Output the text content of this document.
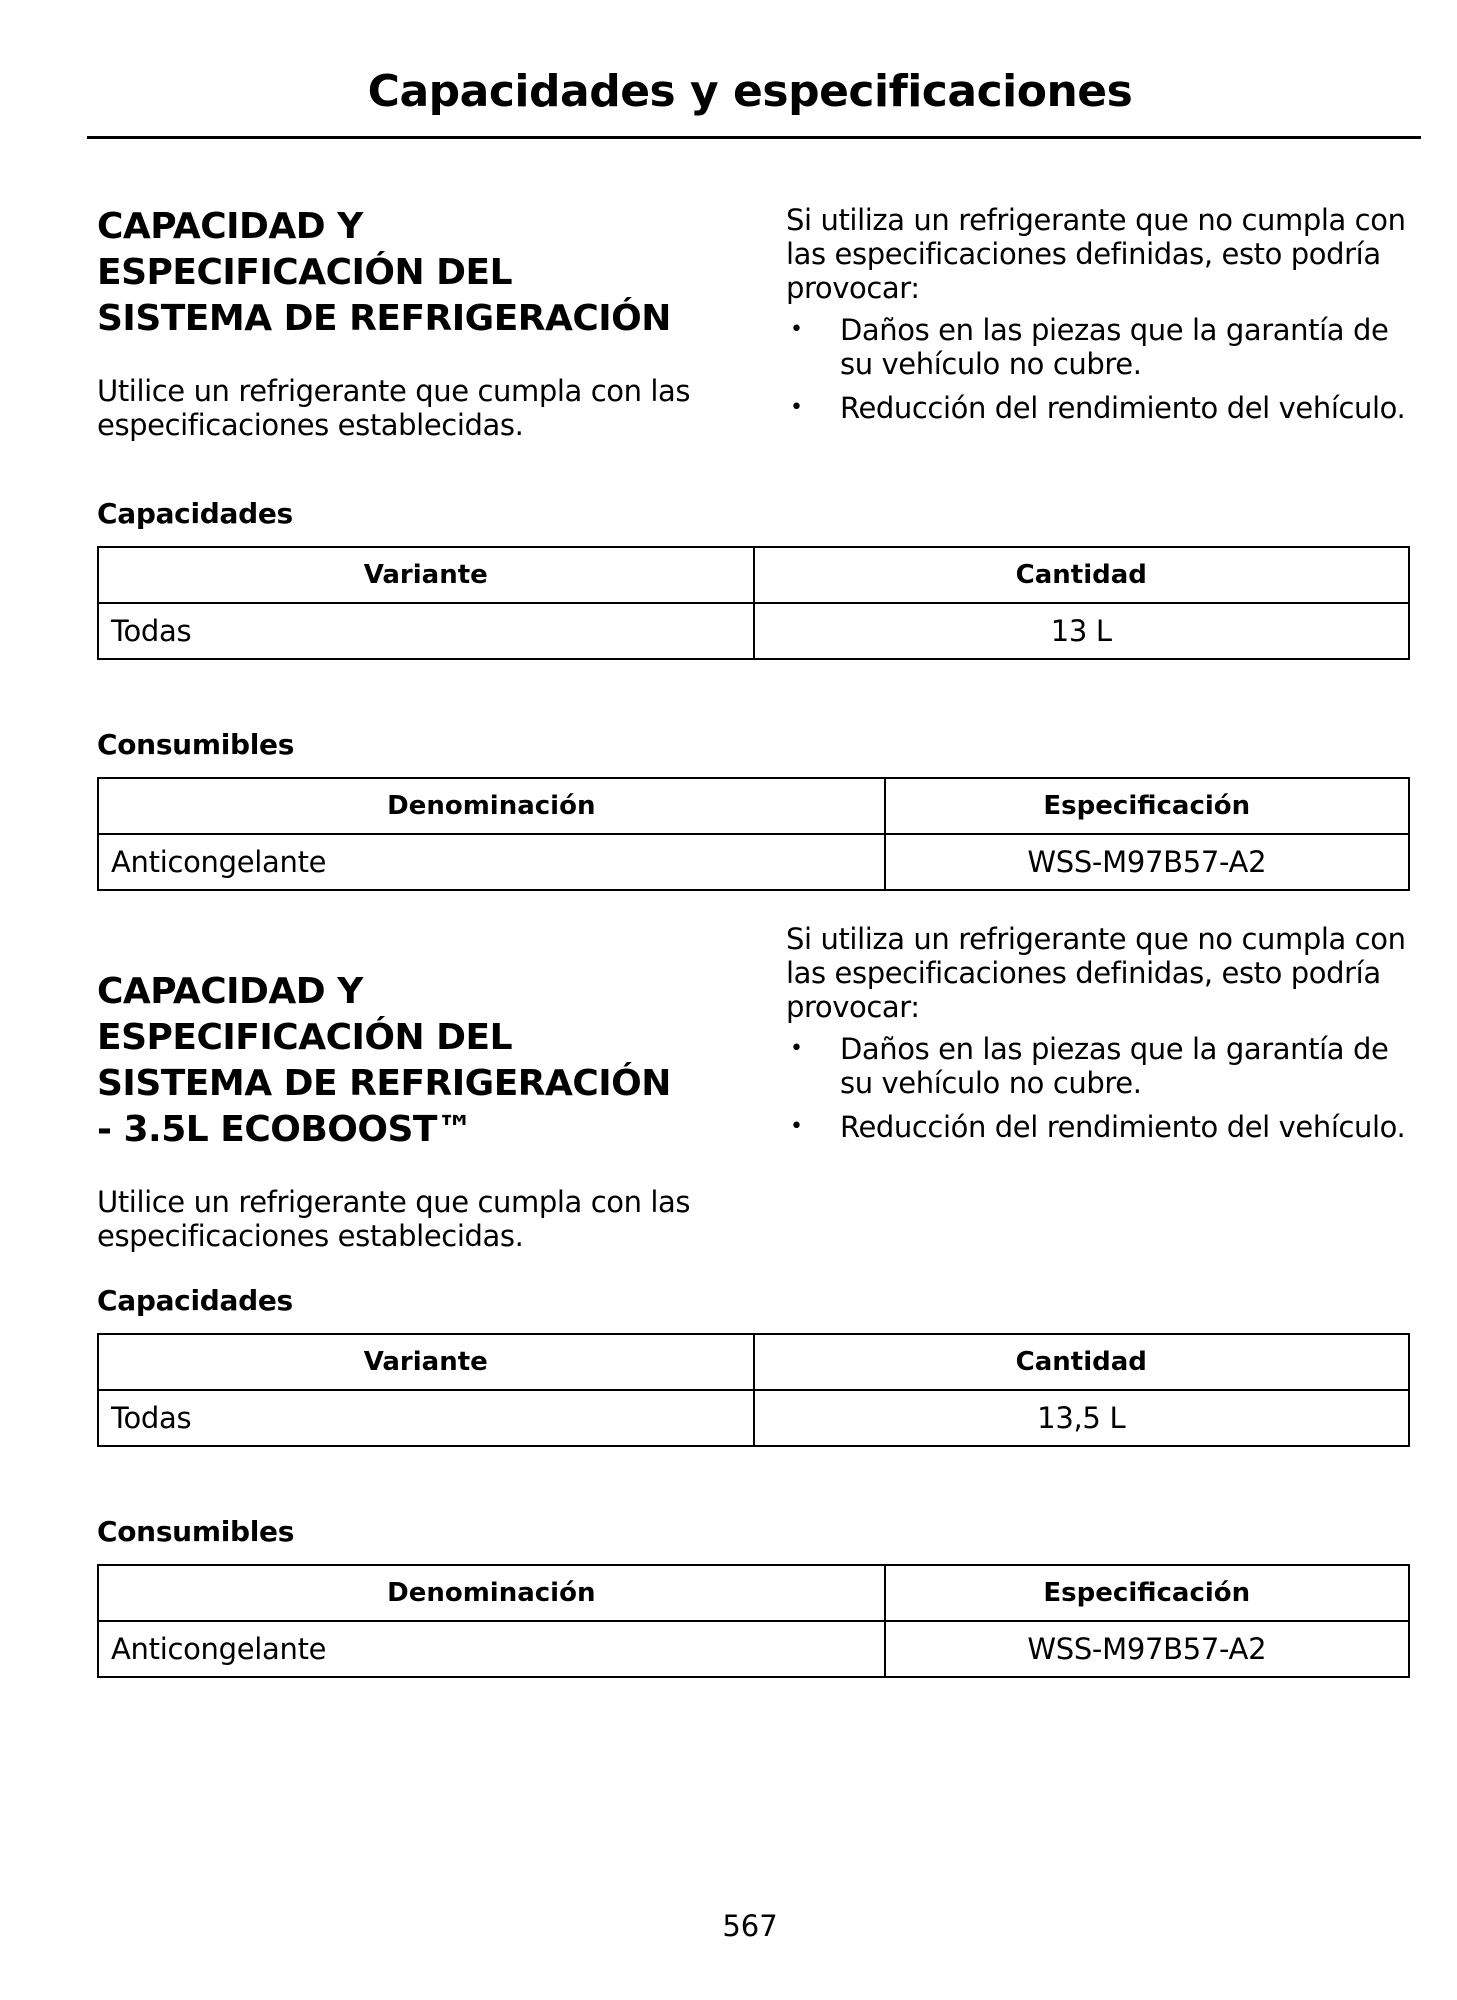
Capacidades y especificaciones
CAPACIDAD Y
ESPECIFICACIÓN DEL
SISTEMA DE REFRIGERACIÓN

Utilice un refrigerante que cumpla con las especificaciones establecidas.

Si utiliza un refrigerante que no cumpla con las especificaciones definidas, esto podría provocar:

• Daños en las piezas que la garantía de su vehículo no cubre.
• Reducción del rendimiento del vehículo.
Capacidades
Variante	Cantidad
Todas	13 L
Consumibles
Denominación	Especificación
Anticongelante	WSS-M97B57-A2

Si utiliza un refrigerante que no cumpla con las especificaciones definidas, esto podría provocar:

• Daños en las piezas que la garantía de su vehículo no cubre.
• Reducción del rendimiento del vehículo.
CAPACIDAD Y
ESPECIFICACIÓN DEL
SISTEMA DE REFRIGERACIÓN
- 3.5L ECOBOOST™

Utilice un refrigerante que cumpla con las especificaciones establecidas.

Capacidades
Variante	Cantidad
Todas	13,5 L
Consumibles
Denominación	Especificación
Anticongelante	WSS-M97B57-A2
567
